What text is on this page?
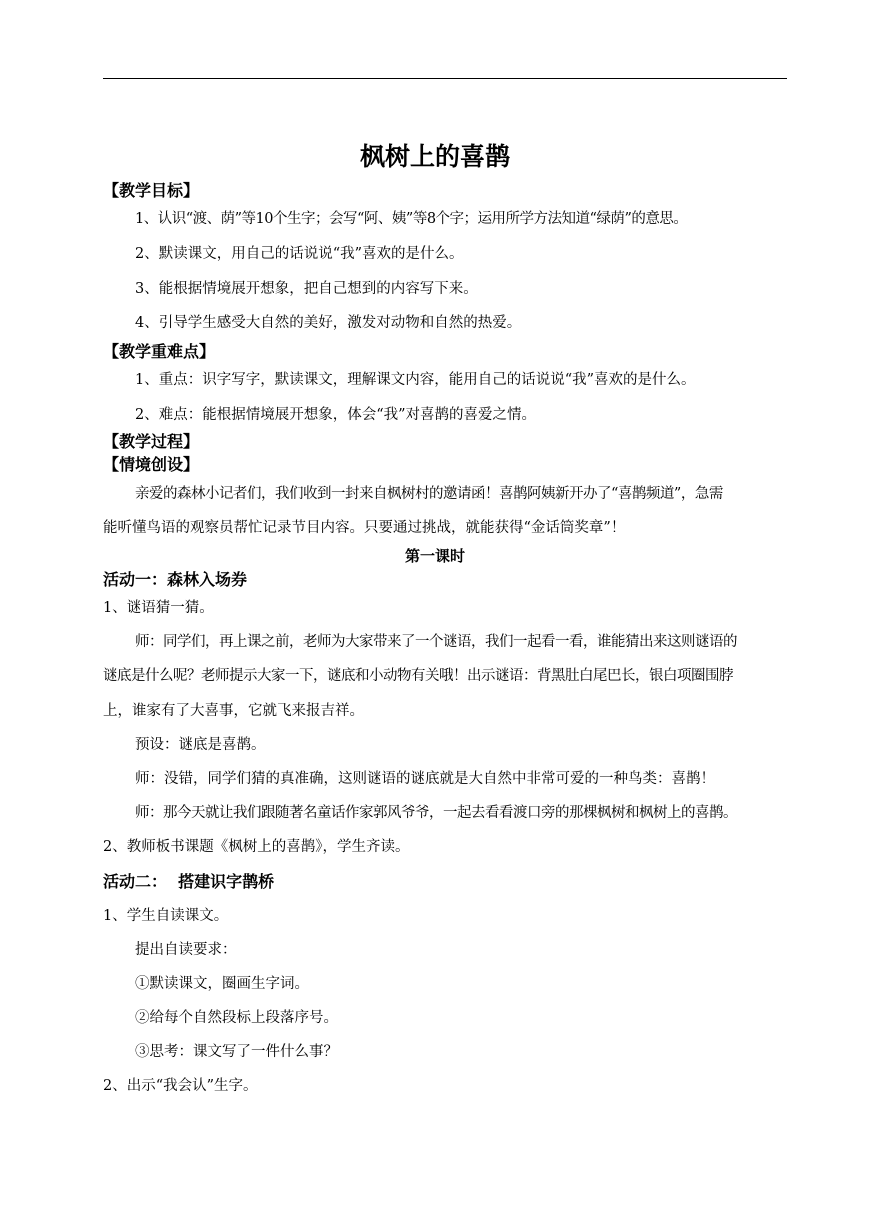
枫树上的喜鹊
【教学目标】
1、认识“渡、荫”等10个生字；会写“阿、姨”等8个字；运用所学方法知道“绿荫”的意思。
2、默读课文，用自己的话说说“我”喜欢的是什么。
3、能根据情境展开想象，把自己想到的内容写下来。
4、引导学生感受大自然的美好，激发对动物和自然的热爱。
【教学重难点】
1、重点：识字写字，默读课文，理解课文内容，能用自己的话说说“我”喜欢的是什么。
2、难点：能根据情境展开想象，体会“我”对喜鹊的喜爱之情。
【教学过程】
【情境创设】
亲爱的森林小记者们，我们收到一封来自枫树村的邀请函！喜鹊阿姨新开办了“喜鹊频道”，急需
能听懂鸟语的观察员帮忙记录节目内容。只要通过挑战，就能获得“金话筒奖章”！
第一课时
活动一：森林入场券
1、谜语猜一猜。
师：同学们，再上课之前，老师为大家带来了一个谜语，我们一起看一看，谁能猜出来这则谜语的
谜底是什么呢？老师提示大家一下，谜底和小动物有关哦！出示谜语：背黑肚白尾巴长，银白项圈围脖
上，谁家有了大喜事，它就飞来报吉祥。
预设：谜底是喜鹊。
师：没错，同学们猜的真准确，这则谜语的谜底就是大自然中非常可爱的一种鸟类：喜鹊！
师：那今天就让我们跟随著名童话作家郭风爷爷，一起去看看渡口旁的那棵枫树和枫树上的喜鹊。
2、教师板书课题《枫树上的喜鹊》，学生齐读。
活动二：  搭建识字鹊桥
1、学生自读课文。
提出自读要求：
①默读课文，圈画生字词。
②给每个自然段标上段落序号。
③思考：课文写了一件什么事？
2、出示“我会认”生字。
